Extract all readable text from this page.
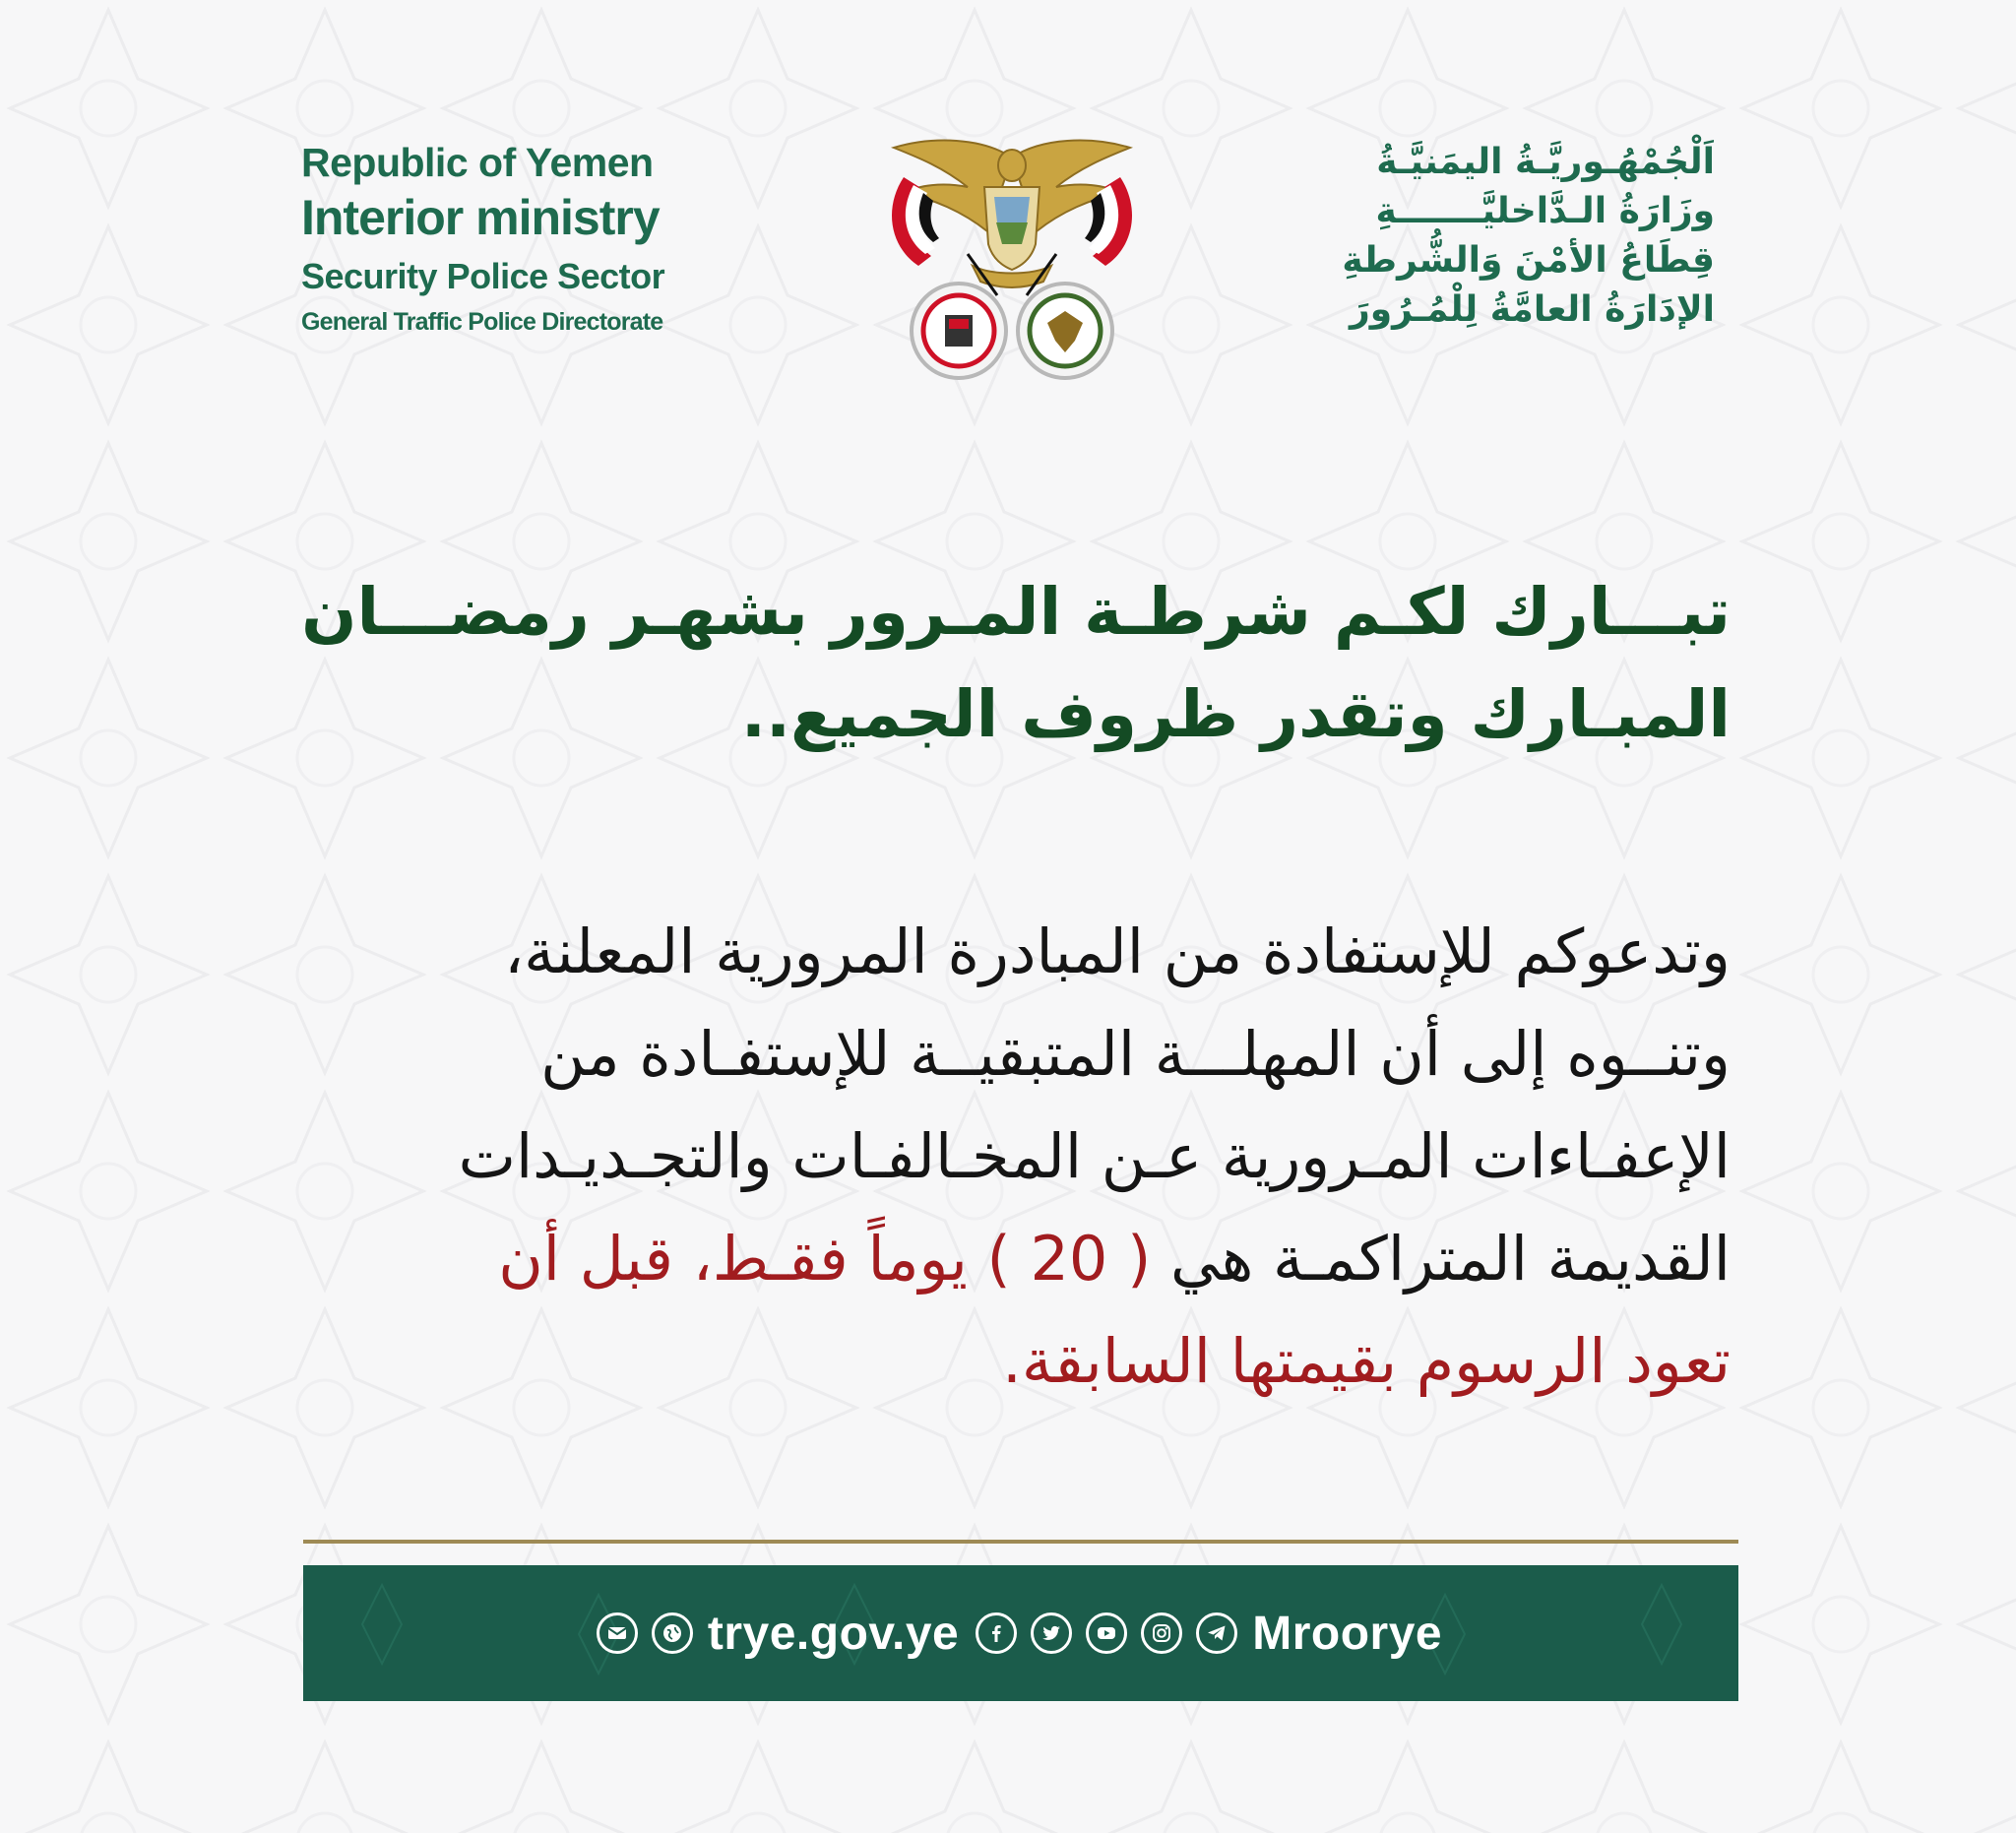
Republic of Yemen
Interior ministry
Security Police Sector
General Traffic Police Directorate
اَلْجُمْهُـوريَّـةُ اليمَنيَّـةُ
وزَارَةُ الـدَّاخليَّـــــــةِ
قِطَاعُ الأمْنَ وَالشُّرطةِ
الإدَارَةُ العامَّةُ لِلْمُـرُورَ
تبـــارك لكـم شرطـة المـرور بشهـر رمضـــان
المبـارك وتقدر ظروف الجميع..
وتدعوكم للإستفادة من المبادرة المرورية المعلنة،
وتنــوه إلى أن المهلـــة المتبقيــة للإستفـادة من
الإعفـاءات المـرورية عـن المخـالفـات والتجـديـدات
القديمة المتراكمـة هي ( 20 ) يوماً فقـط، قبل أن
تعود الرسوم بقيمتها السابقة.
trye.gov.ye	Mroorye
